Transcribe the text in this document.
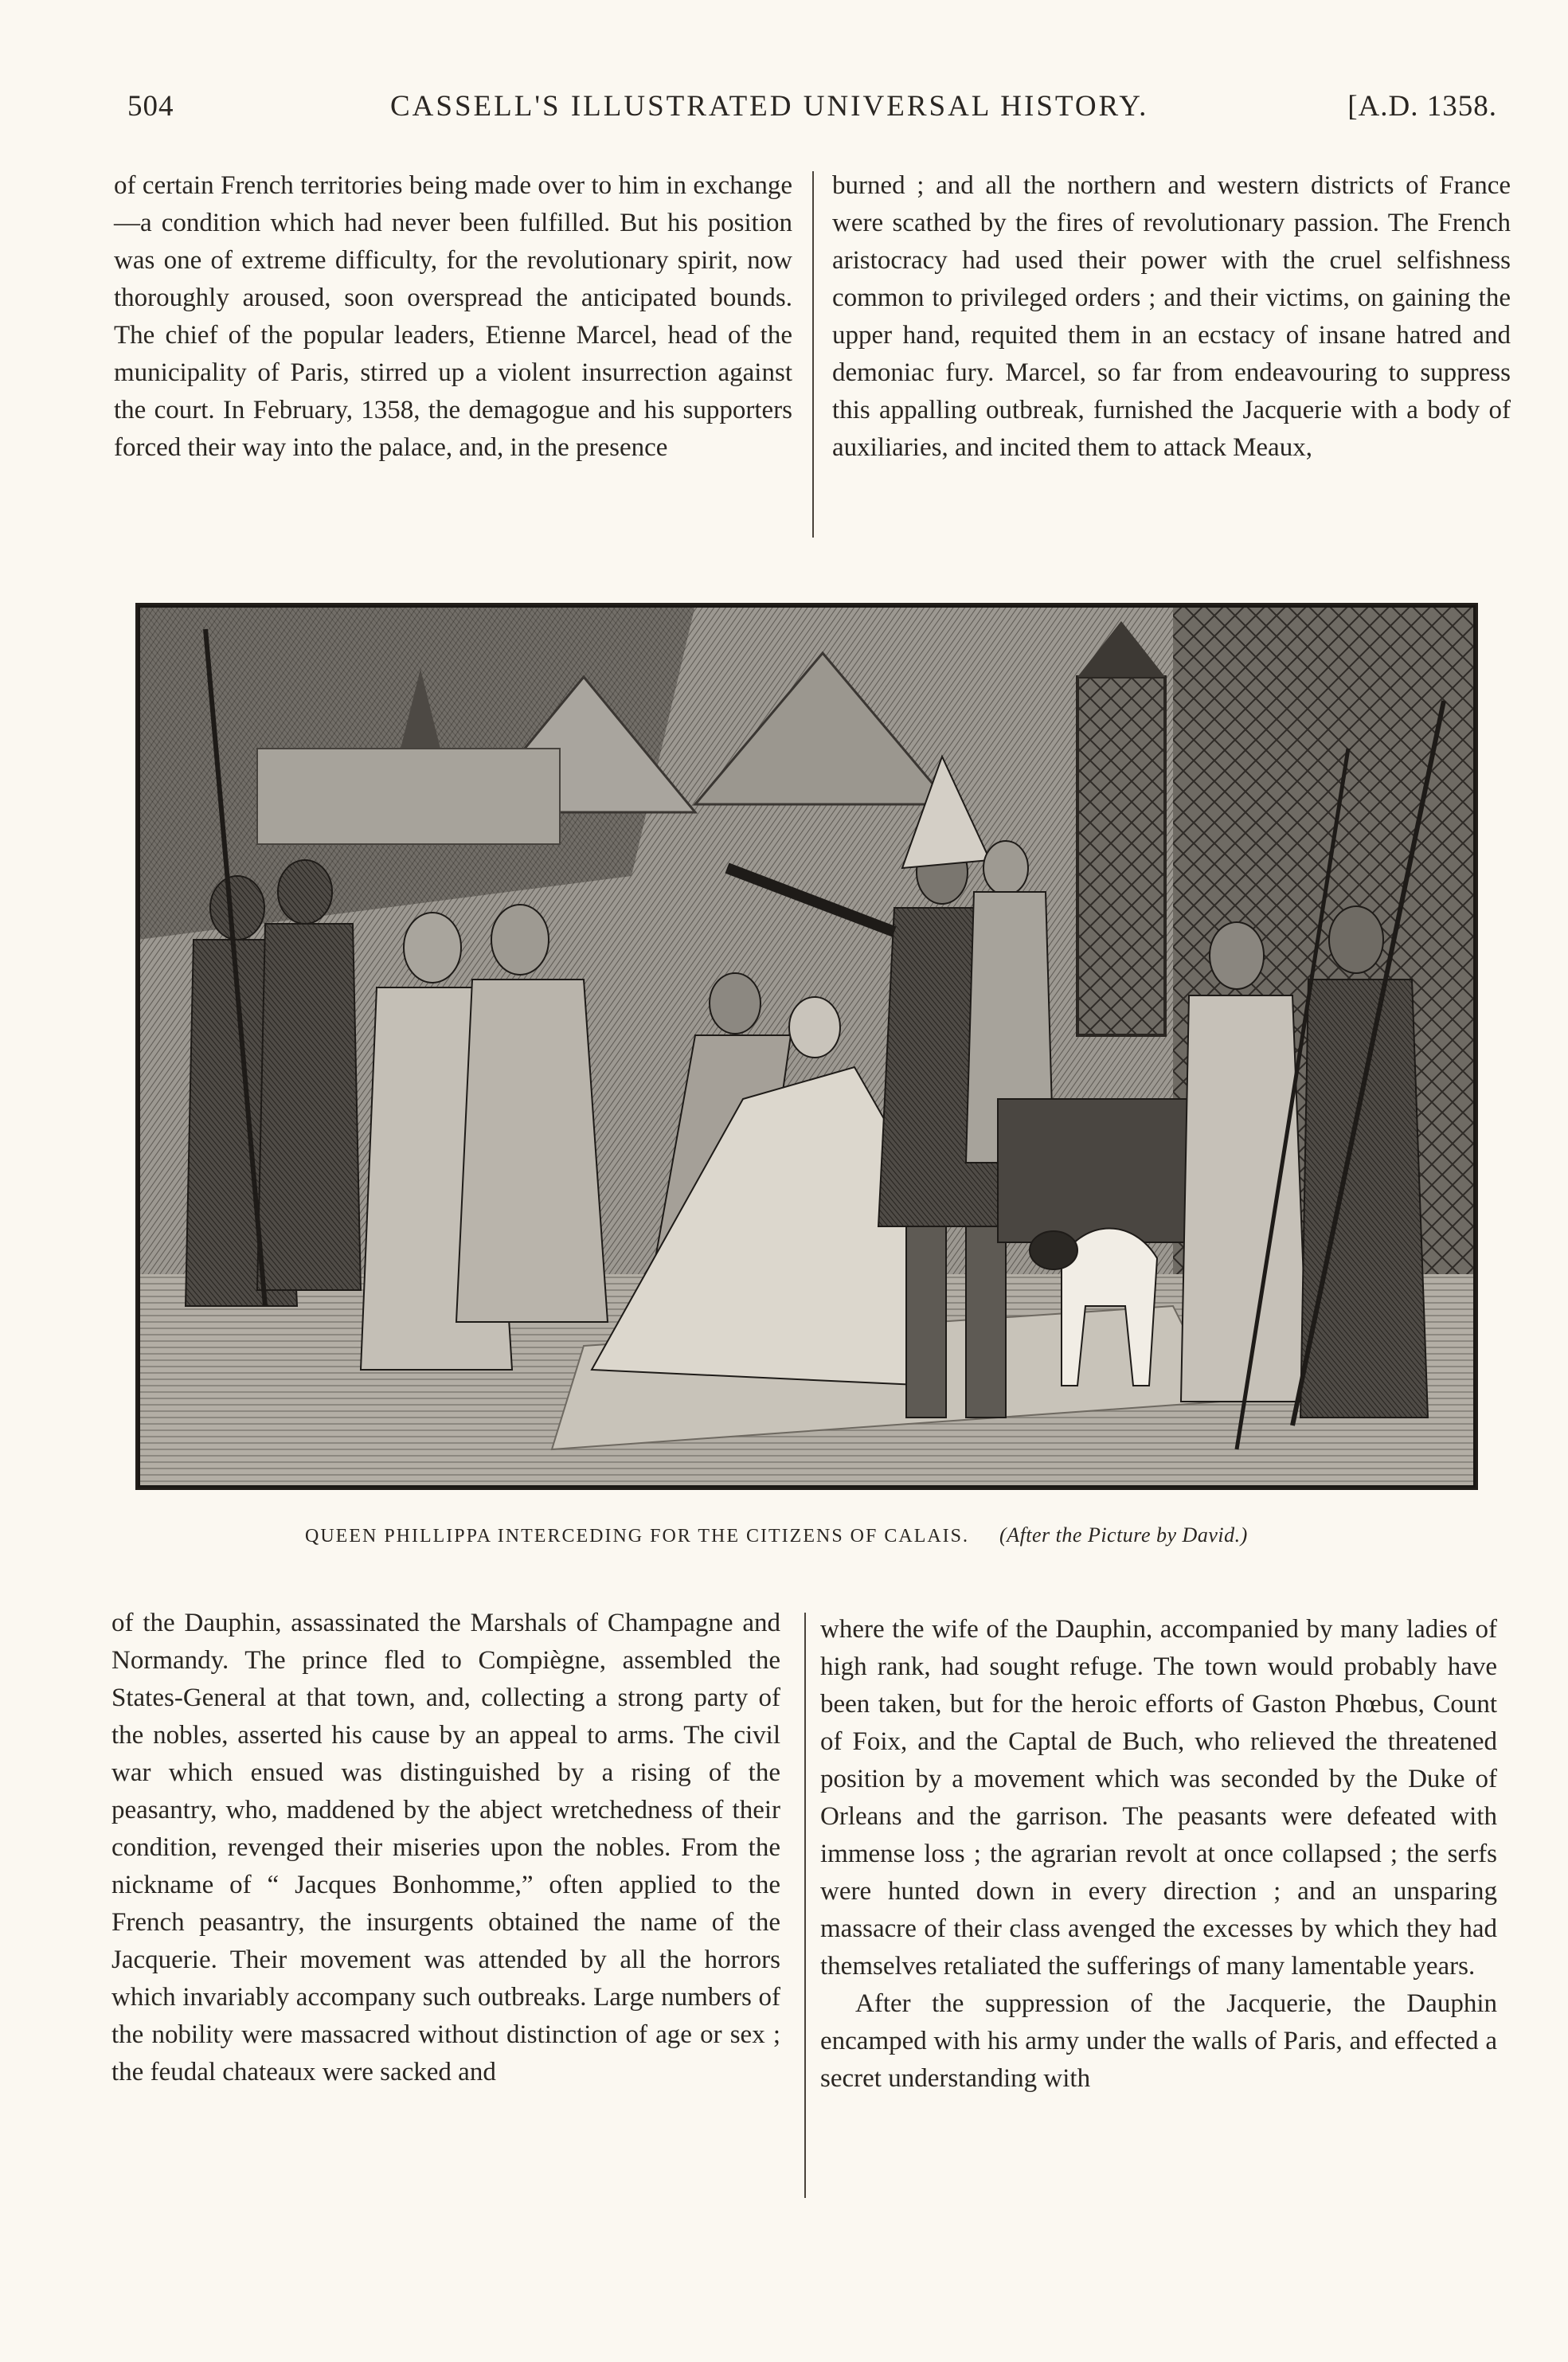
504	CASSELL'S ILLUSTRATED UNIVERSAL HISTORY.	[A.D. 1358.

of certain French territories being made over to him in exchange—a condition which had never been fulfilled. But his position was one of extreme difficulty, for the revolutionary spirit, now thoroughly aroused, soon overspread the anticipated bounds. The chief of the popular leaders, Etienne Marcel, head of the municipality of Paris, stirred up a violent insurrection against the court. In February, 1358, the demagogue and his supporters forced their way into the palace, and, in the presence

burned ; and all the northern and western districts of France were scathed by the fires of revolutionary passion. The French aristocracy had used their power with the cruel selfishness common to privileged orders ; and their victims, on gaining the upper hand, requited them in an ecstacy of insane hatred and demoniac fury. Marcel, so far from endeavouring to suppress this appalling outbreak, furnished the Jacquerie with a body of auxiliaries, and incited them to attack Meaux,

QUEEN PHILLIPPA INTERCEDING FOR THE CITIZENS OF CALAIS. (After the Picture by David.)

of the Dauphin, assassinated the Marshals of Champagne and Normandy. The prince fled to Compiègne, assembled the States-General at that town, and, collecting a strong party of the nobles, asserted his cause by an appeal to arms. The civil war which ensued was distinguished by a rising of the peasantry, who, maddened by the abject wretchedness of their condition, revenged their miseries upon the nobles. From the nickname of “ Jacques Bonhomme,” often applied to the French peasantry, the insurgents obtained the name of the Jacquerie. Their movement was attended by all the horrors which invariably accompany such outbreaks. Large numbers of the nobility were massacred without distinction of age or sex ; the feudal chateaux were sacked and

where the wife of the Dauphin, accompanied by many ladies of high rank, had sought refuge. The town would probably have been taken, but for the heroic efforts of Gaston Phœbus, Count of Foix, and the Captal de Buch, who relieved the threatened position by a movement which was seconded by the Duke of Orleans and the garrison. The peasants were defeated with immense loss ; the agrarian revolt at once collapsed ; the serfs were hunted down in every direction ; and an unsparing massacre of their class avenged the excesses by which they had themselves retaliated the sufferings of many lamentable years.

After the suppression of the Jacquerie, the Dauphin encamped with his army under the walls of Paris, and effected a secret understanding with
